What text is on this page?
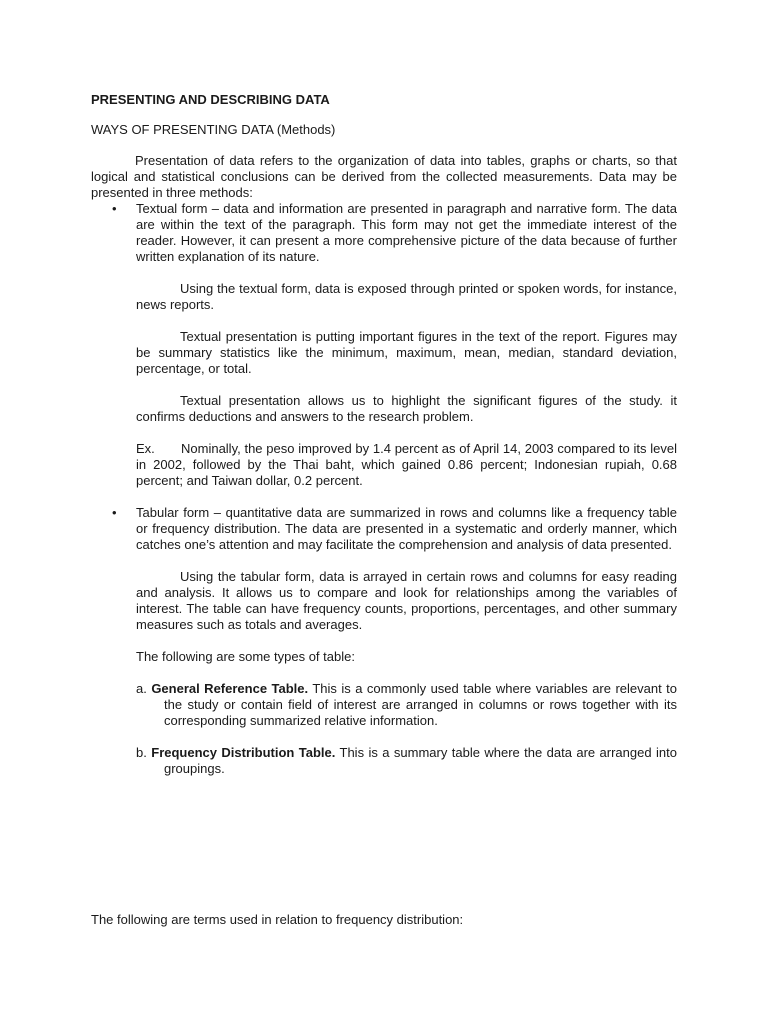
PRESENTING AND DESCRIBING DATA

WAYS OF PRESENTING DATA (Methods)

Presentation of data refers to the organization of data into tables, graphs or charts, so that logical and statistical conclusions can be derived from the collected measurements. Data may be presented in three methods:

• Textual form – data and information are presented in paragraph and narrative form. The data are within the text of the paragraph. This form may not get the immediate interest of the reader. However, it can present a more comprehensive picture of the data because of further written explanation of its nature.

Using the textual form, data is exposed through printed or spoken words, for instance, news reports.

Textual presentation is putting important figures in the text of the report. Figures may be summary statistics like the minimum, maximum, mean, median, standard deviation, percentage, or total.

Textual presentation allows us to highlight the significant figures of the study. it confirms deductions and answers to the research problem.

Ex. Nominally, the peso improved by 1.4 percent as of April 14, 2003 compared to its level in 2002, followed by the Thai baht, which gained 0.86 percent; Indonesian rupiah, 0.68 percent; and Taiwan dollar, 0.2 percent.

• Tabular form – quantitative data are summarized in rows and columns like a frequency table or frequency distribution. The data are presented in a systematic and orderly manner, which catches one’s attention and may facilitate the comprehension and analysis of data presented.

Using the tabular form, data is arrayed in certain rows and columns for easy reading and analysis. It allows us to compare and look for relationships among the variables of interest. The table can have frequency counts, proportions, percentages, and other summary measures such as totals and averages.

The following are some types of table:

a. General Reference Table. This is a commonly used table where variables are relevant to the study or contain field of interest are arranged in columns or rows together with its corresponding summarized relative information.

b. Frequency Distribution Table. This is a summary table where the data are arranged into groupings.

The following are terms used in relation to frequency distribution:
